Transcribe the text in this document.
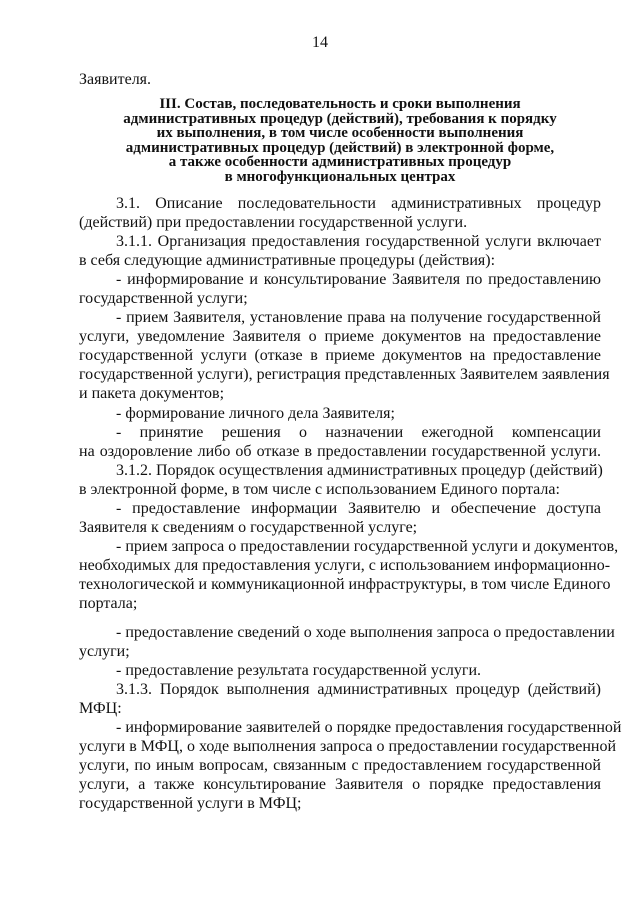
14
Заявителя.
III. Состав, последовательность и сроки выполнения
административных процедур (действий), требования к порядку
их выполнения, в том числе особенности выполнения
административных процедур (действий) в электронной форме,
а также особенности административных процедур
в многофункциональных центрах
3.1. Описание последовательности административных процедур
(действий) при предоставлении государственной услуги.
3.1.1. Организация предоставления государственной услуги включает
в себя следующие административные процедуры (действия):
- информирование и консультирование Заявителя по предоставлению
государственной услуги;
- прием Заявителя, установление права на получение государственной
услуги, уведомление Заявителя о приеме документов на предоставление
государственной услуги (отказе в приеме документов на предоставление
государственной услуги), регистрация представленных Заявителем заявления
и пакета документов;
- формирование личного дела Заявителя;
- принятие решения о назначении ежегодной компенсации
на оздоровление либо об отказе в предоставлении государственной услуги.
3.1.2. Порядок осуществления административных процедур (действий)
в электронной форме, в том числе с использованием Единого портала:
- предоставление информации Заявителю и обеспечение доступа
Заявителя к сведениям о государственной услуге;
- прием запроса о предоставлении государственной услуги и документов,
необходимых для предоставления услуги, с использованием информационно-
технологической и коммуникационной инфраструктуры, в том числе Единого
портала;
- предоставление сведений о ходе выполнения запроса о предоставлении
услуги;
- предоставление результата государственной услуги.
3.1.3. Порядок выполнения административных процедур (действий)
МФЦ:
- информирование заявителей о порядке предоставления государственной
услуги в МФЦ, о ходе выполнения запроса о предоставлении государственной
услуги, по иным вопросам, связанным с предоставлением государственной
услуги, а также консультирование Заявителя о порядке предоставления
государственной услуги в МФЦ;
